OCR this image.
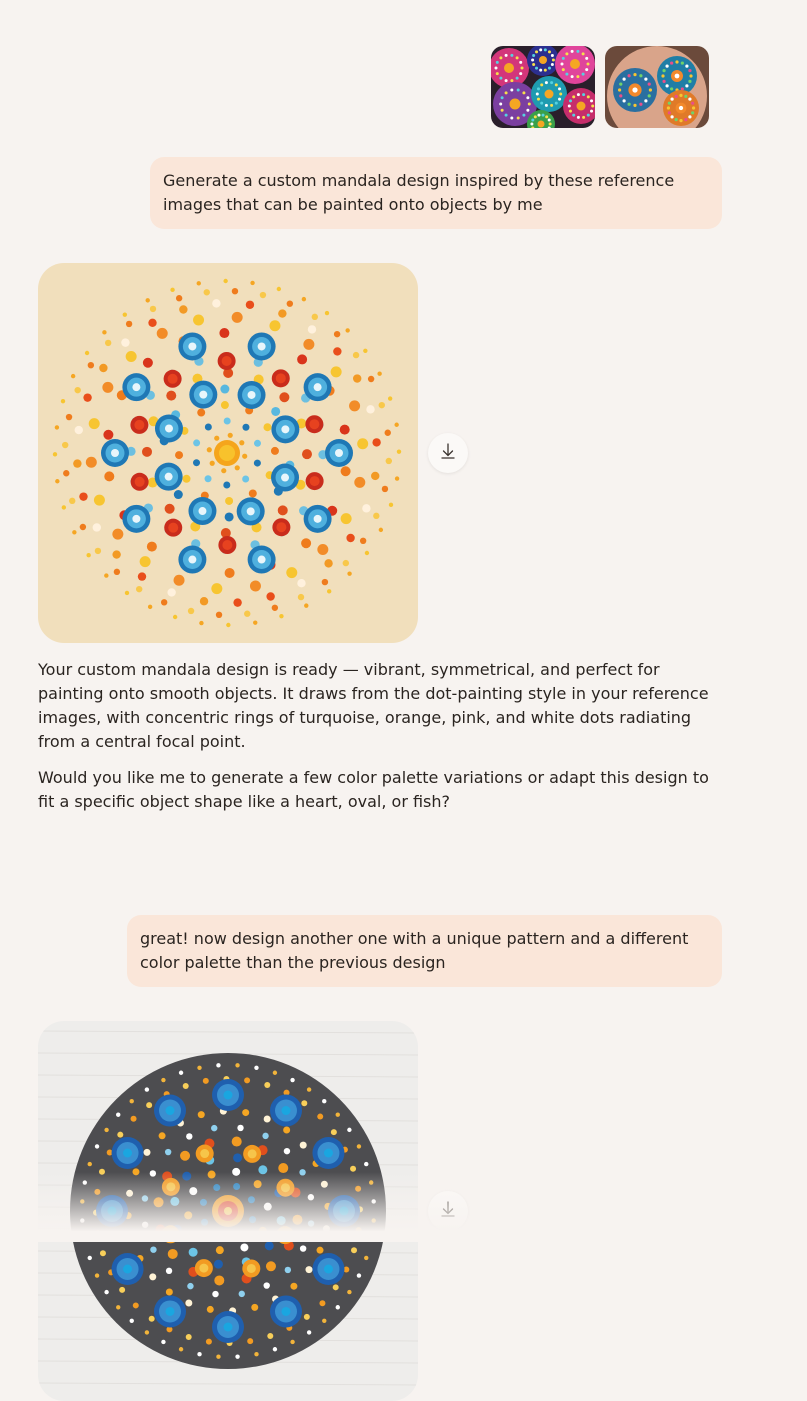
Generate a custom mandala design inspired by these reference images that can be painted onto objects by me

Your custom mandala design is ready — vibrant, symmetrical, and perfect for painting onto smooth objects. It draws from the dot-painting style in your reference images, with concentric rings of turquoise, orange, pink, and white dots radiating from a central focal point.

Would you like me to generate a few color palette variations or adapt this design to fit a specific object shape like a heart, oval, or fish?

great! now design another one with a unique pattern and a different color palette than the previous design
